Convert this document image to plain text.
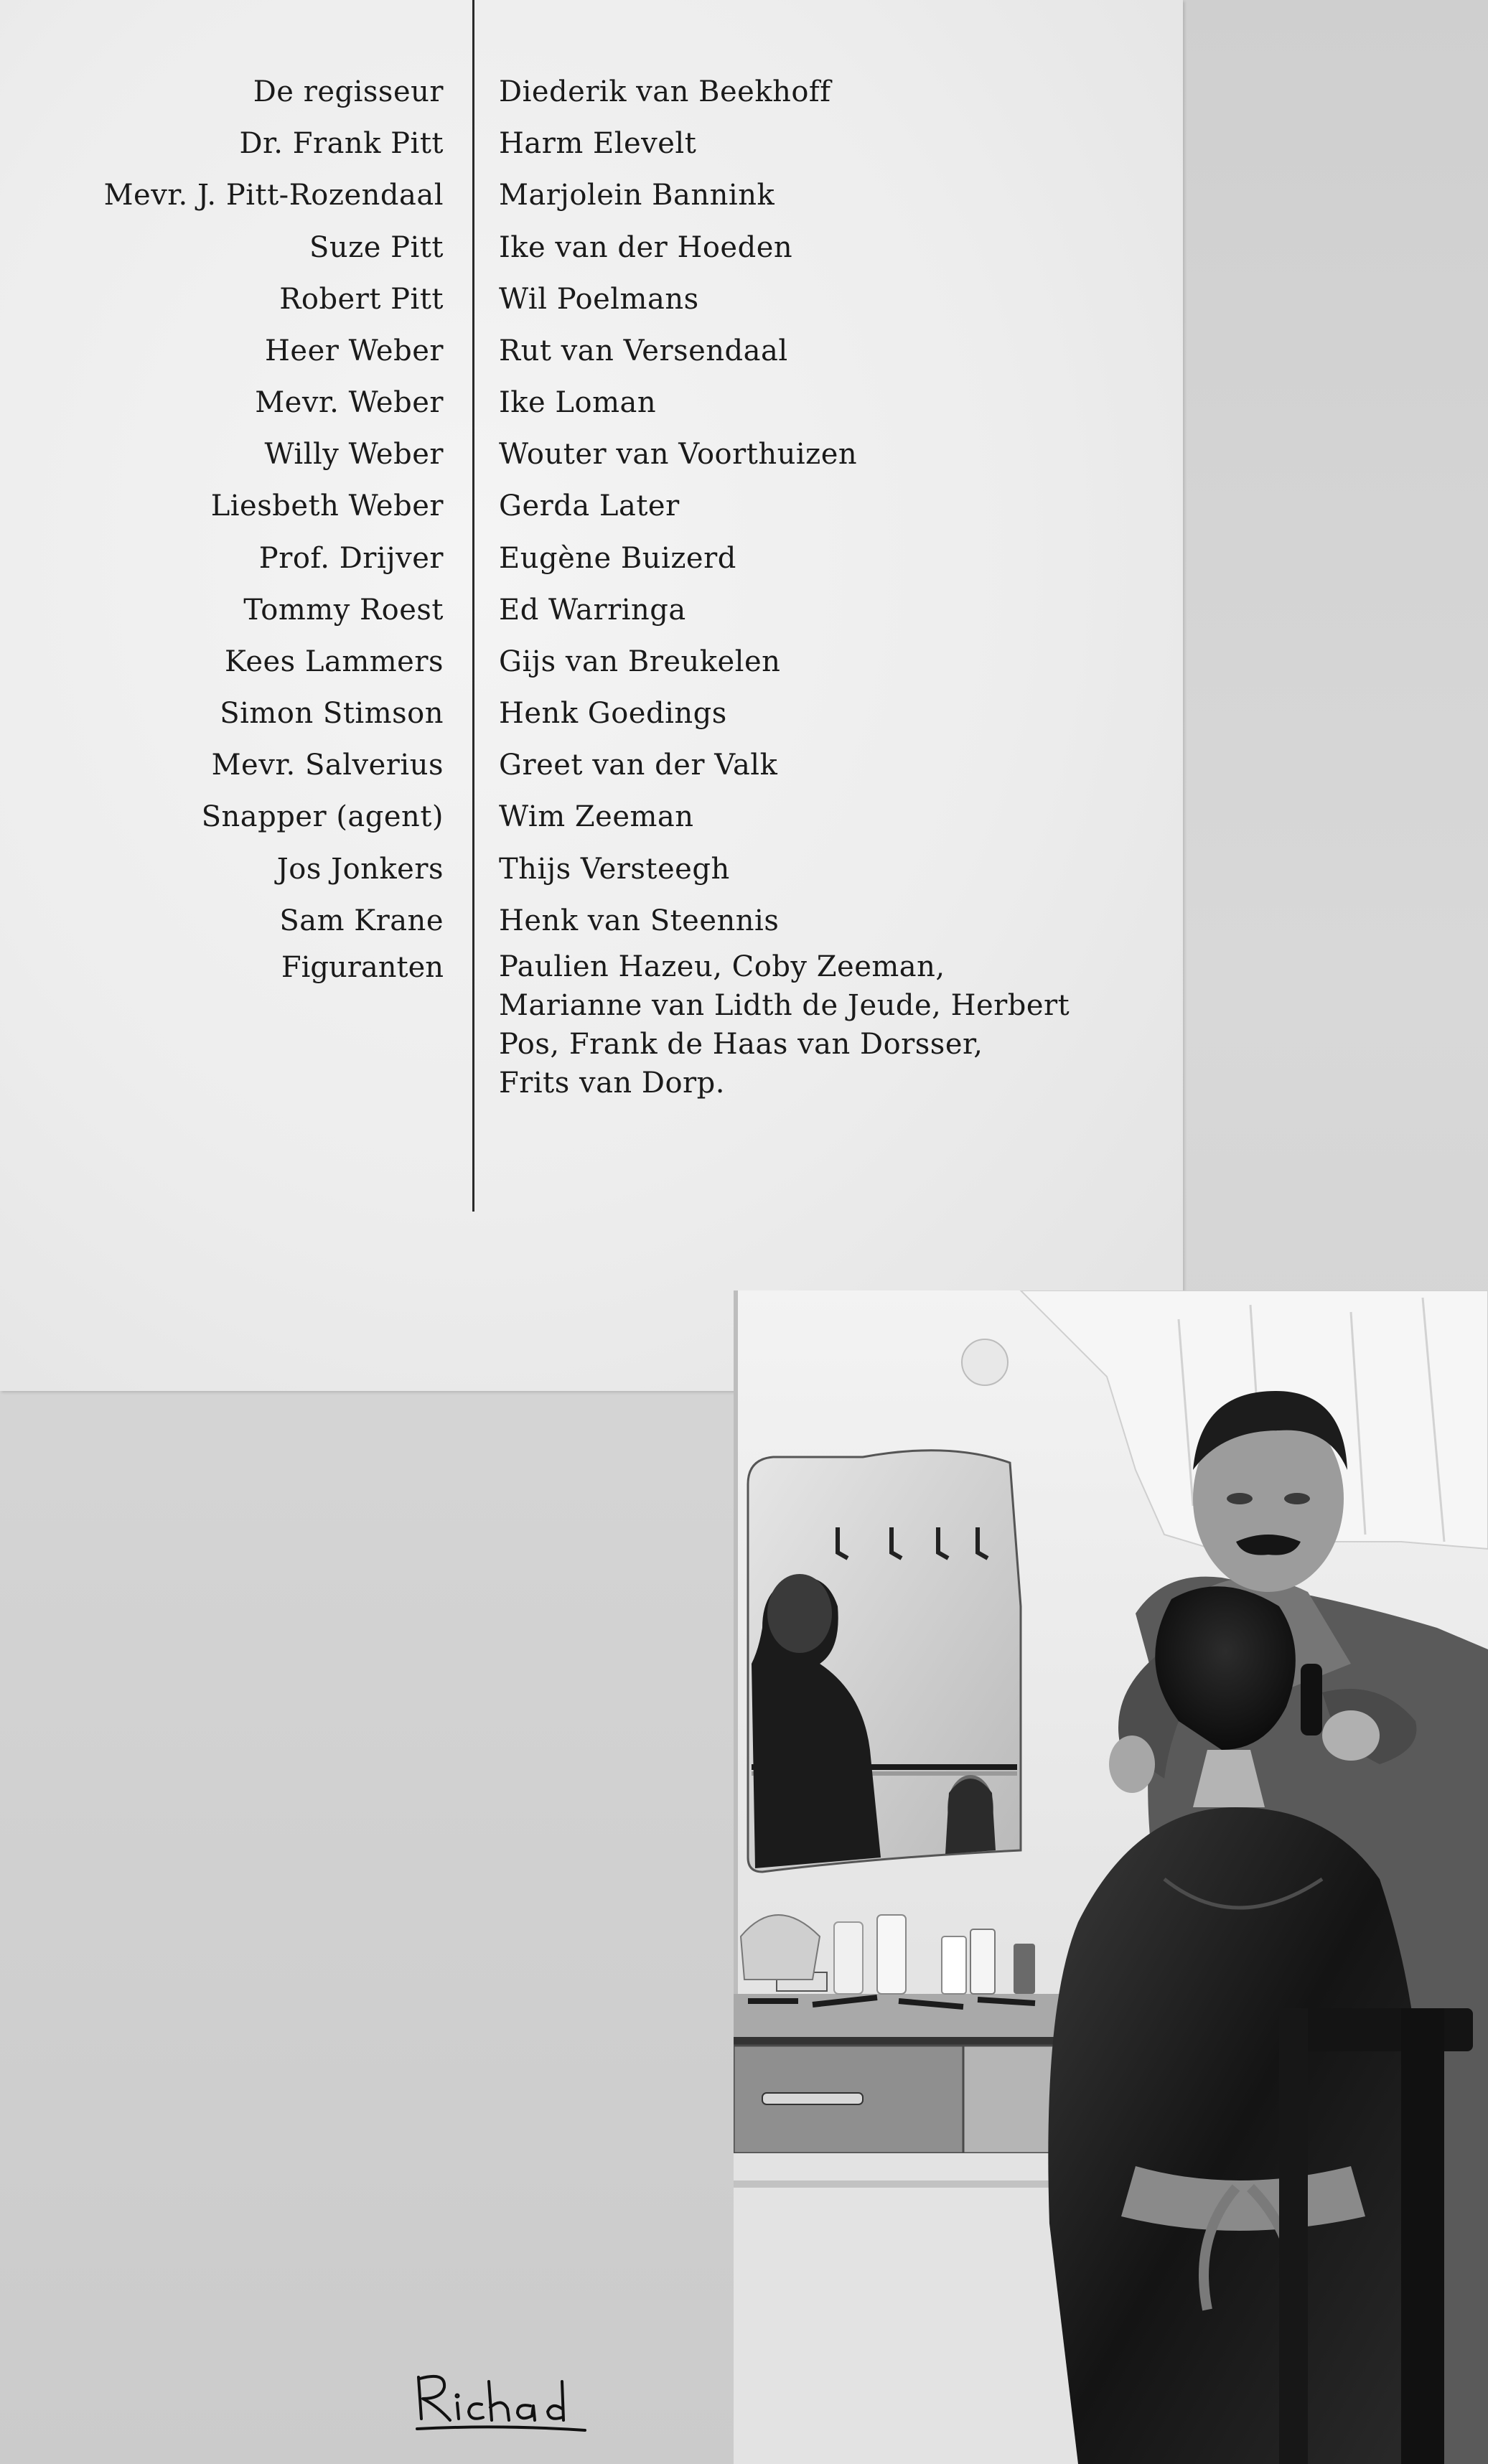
De regisseur Diederik van Beekhoff
Dr. Frank Pitt Harm Elevelt
Mevr. J. Pitt-Rozendaal Marjolein Bannink
Suze Pitt Ike van der Hoeden
Robert Pitt Wil Poelmans
Heer Weber Rut van Versendaal
Mevr. Weber Ike Loman
Willy Weber Wouter van Voorthuizen
Liesbeth Weber Gerda Later
Prof. Drijver Eugène Buizerd
Tommy Roest Ed Warringa
Kees Lammers Gijs van Breukelen
Simon Stimson Henk Goedings
Mevr. Salverius Greet van der Valk
Snapper (agent) Wim Zeeman
Jos Jonkers Thijs Versteegh
Sam Krane Henk van Steennis
Figuranten Paulien Hazeu, Coby Zeeman,
Marianne van Lidth de Jeude, Herbert
Pos, Frank de Haas van Dorsser,
Frits van Dorp.
